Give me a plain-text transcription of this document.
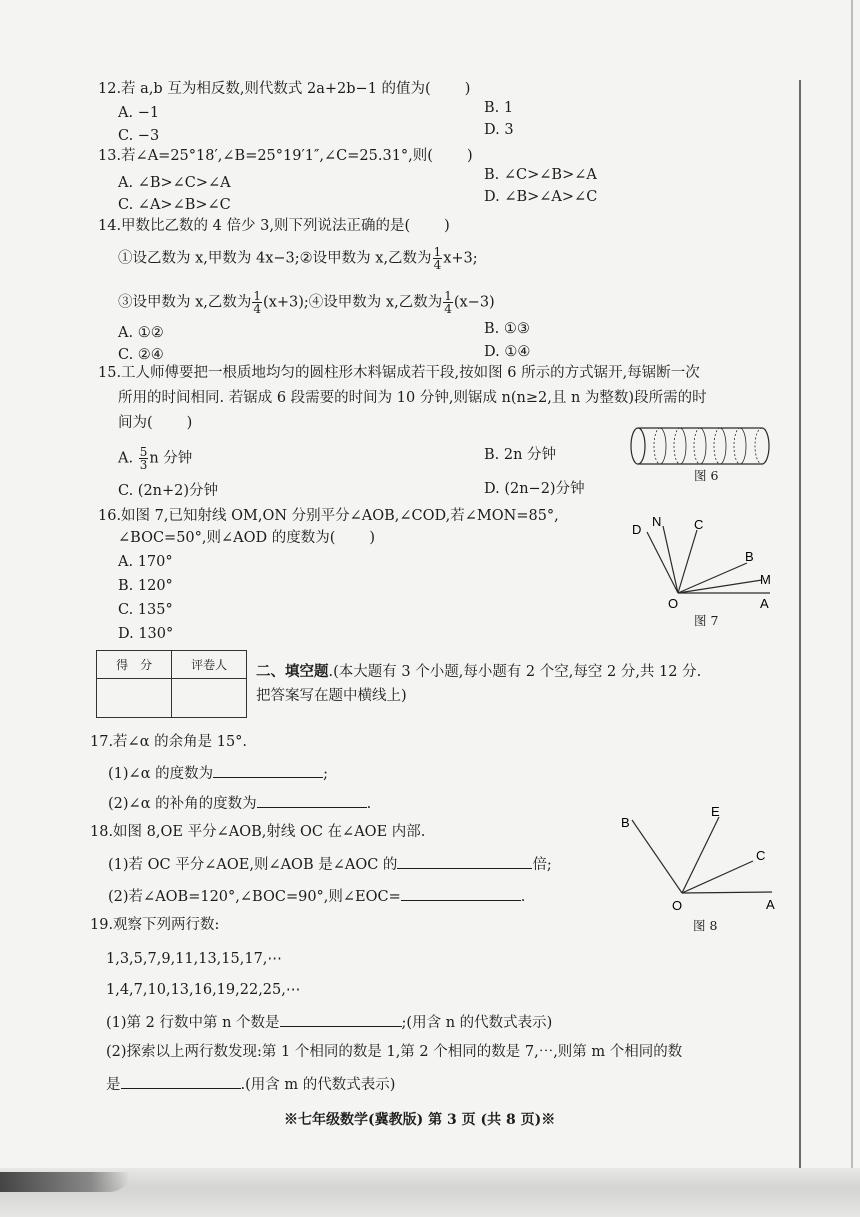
12.若 a,b 互为相反数,则代数式 2a+2b−1 的值为( )
A. −1	B. 1
C. −3	D. 3
13.若∠A=25°18′,∠B=25°19′1″,∠C=25.31°,则( )
A. ∠B>∠C>∠A	B. ∠C>∠B>∠A
C. ∠A>∠B>∠C	D. ∠B>∠A>∠C
14.甲数比乙数的 4 倍少 3,则下列说法正确的是( )
①设乙数为 x,甲数为 4x−3;②设甲数为 x,乙数为 $\frac{1}{4} x+3$;
③设甲数为 x,乙数为 $\frac{1}{4}$ (x+3);④设甲数为 x,乙数为 $\frac{1}{4} (x-3)$
A. ①②	B. ①③
C. ②④	D. ①④
15.工人师傅要把一根质地均匀的圆柱形木料锯成若干段,按如图 6 所示的方式锯开,每锯断一次
所用的时间相同. 若锯成 6 段需要的时间为 10 分钟,则锯成 n(n≥2,且 n 为整数)段所需的时
间为( )
A. $\frac{5}{3}$ n 分钟	B. 2n 分钟
C. (2n+2)分钟	D. (2n−2)分钟
图 6
16.如图 7,已知射线 OM,ON 分别平分∠AOB,∠COD,若∠MON=85°,
∠BOC=50°,则∠AOD 的度数为( )
A. 170°
B. 120°
C. 135°
D. 130°
D
N	C
B
M
O	A
图 7
得　分	评卷人
	二、填空题.(本大题有 3 个小题,每小题有 2 个空,每空 2 分,共 12 分.
把答案写在题中横线上)
17.若∠α 的余角是 15°.
(1)∠α 的度数为	;
(2)∠α 的补角的度数为	.
18.如图 8,OE 平分∠AOB,射线 OC 在∠AOE 内部.
(1)若 OC 平分∠AOE,则∠AOB 是∠AOC 的	倍;
(2)若∠AOB=120°,∠BOC=90°,则∠EOC=	.
B
E
C
O	A
图 8
19.观察下列两行数:
1,3,5,7,9,11,13,15,17,⋯
1,4,7,10,13,16,19,22,25,⋯
(1)第 2 行数中第 n 个数是	;(用含 n 的代数式表示)
(2)探索以上两行数发现:第 1 个相同的数是 1,第 2 个相同的数是 7,⋯,则第 m 个相同的数
是	.(用含 m 的代数式表示)
※七年级数学(冀教版) 第 3 页 (共 8 页)※
